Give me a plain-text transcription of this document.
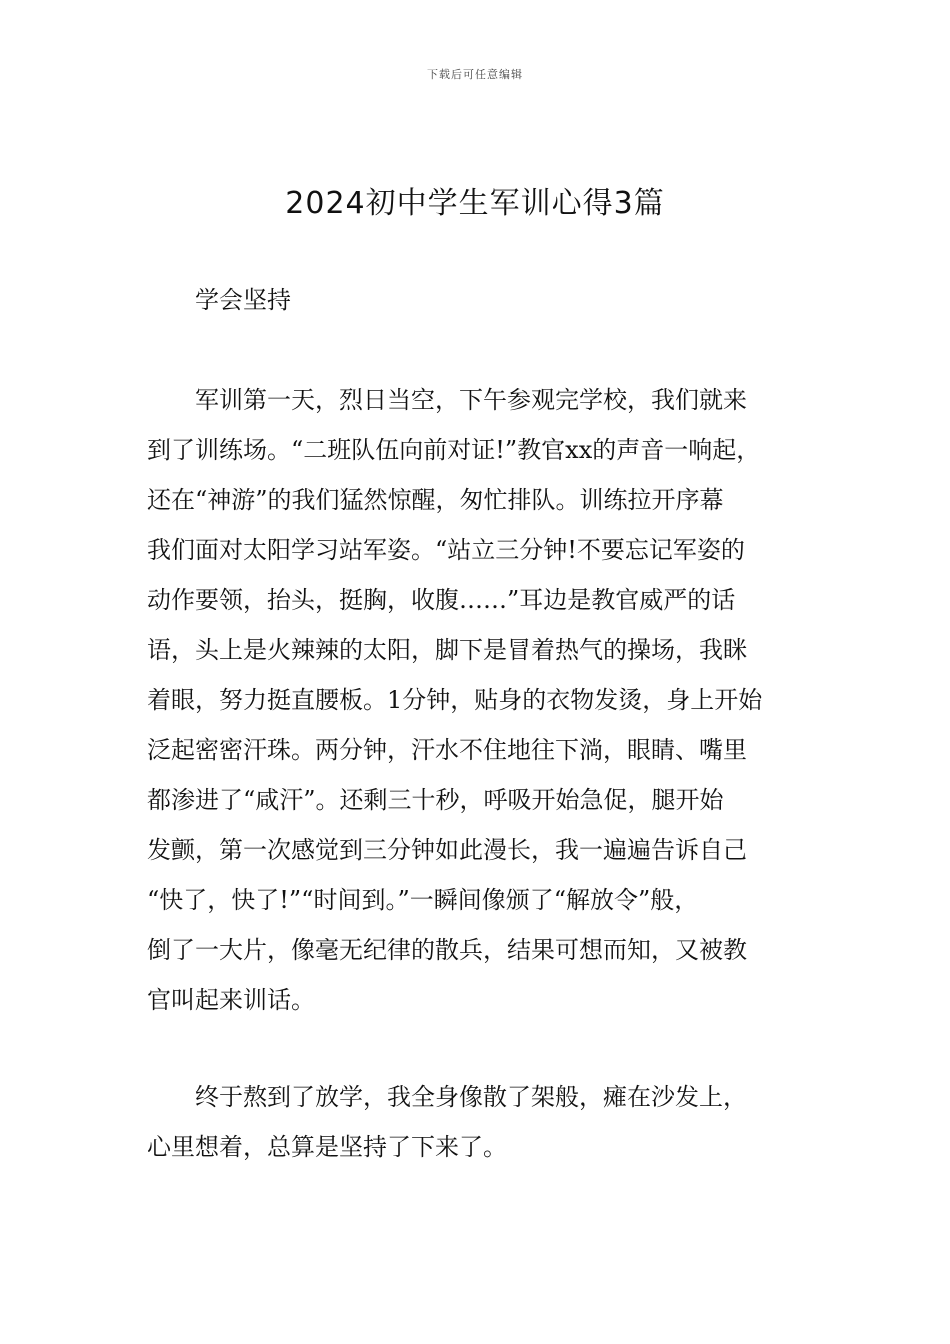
下载后可任意编辑
2024初中学生军训心得3篇
学会坚持
军训第一天，烈日当空，下午参观完学校，我们就来
到了训练场。“二班队伍向前对证!”教官xx的声音一响起，
还在“神游”的我们猛然惊醒，匆忙排队。训练拉开序幕
我们面对太阳学习站军姿。“站立三分钟!不要忘记军姿的
动作要领，抬头，挺胸，收腹……”耳边是教官威严的话
语，头上是火辣辣的太阳，脚下是冒着热气的操场，我眯
着眼，努力挺直腰板。1分钟，贴身的衣物发烫，身上开始
泛起密密汗珠。两分钟，汗水不住地往下淌，眼睛、嘴里
都渗进了“咸汗”。还剩三十秒，呼吸开始急促，腿开始
发颤，第一次感觉到三分钟如此漫长，我一遍遍告诉自己
“快了，快了!”“时间到。”一瞬间像颁了“解放令”般，
倒了一大片，像毫无纪律的散兵，结果可想而知，又被教
官叫起来训话。
终于熬到了放学，我全身像散了架般，瘫在沙发上，
心里想着，总算是坚持了下来了。
